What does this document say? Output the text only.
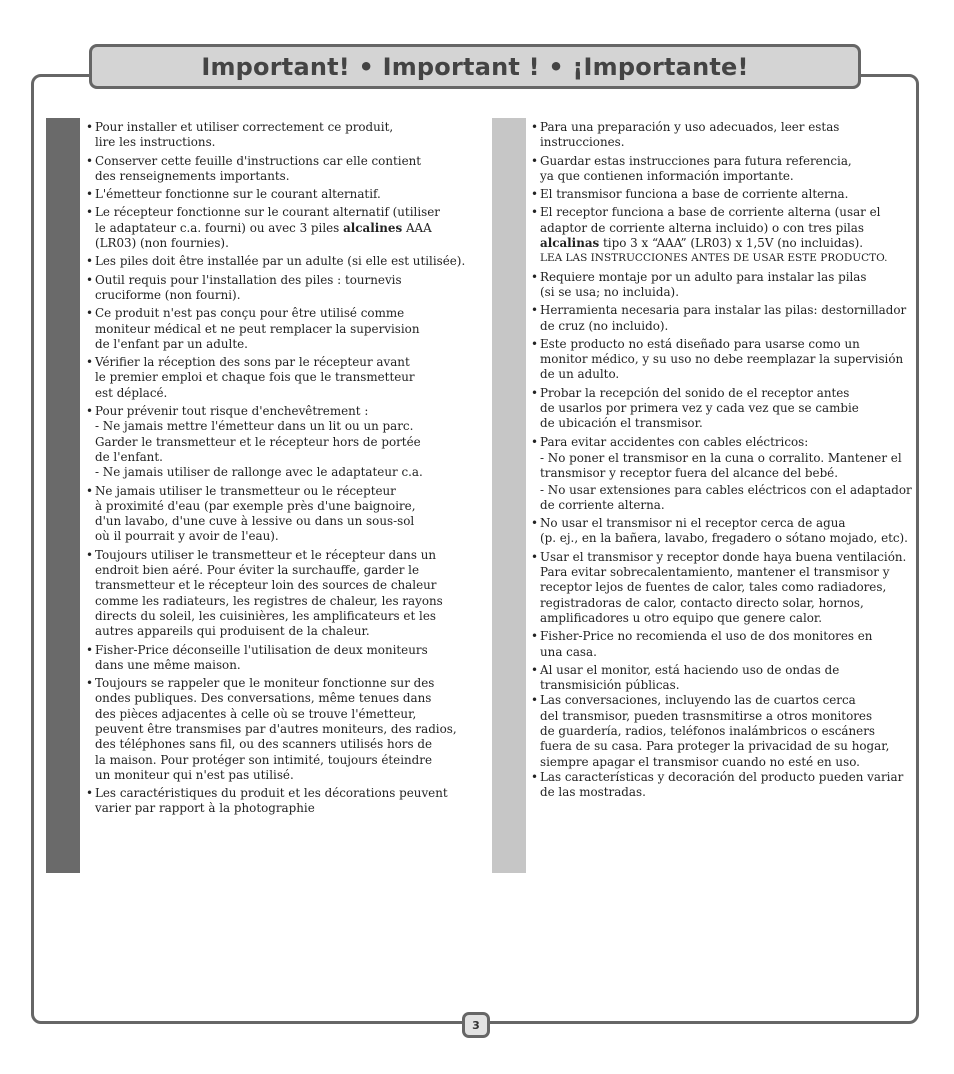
Important! • Important ! • ¡Importante!
• Pour installer et utiliser correctement ce produit,
lire les instructions.
• Conserver cette feuille d'instructions car elle contient
des renseignements importants.
• L'émetteur fonctionne sur le courant alternatif.
• Le récepteur fonctionne sur le courant alternatif (utiliser
le adaptateur c.a. fourni) ou avec 3 piles alcalines AAA
(LR03) (non fournies).
• Les piles doit être installée par un adulte (si elle est utilisée).
• Outil requis pour l'installation des piles : tournevis
cruciforme (non fourni).
• Ce produit n'est pas conçu pour être utilisé comme
moniteur médical et ne peut remplacer la supervision
de l'enfant par un adulte.
• Vérifier la réception des sons par le récepteur avant
le premier emploi et chaque fois que le transmetteur
est déplacé.
• Pour prévenir tout risque d'enchevêtrement :
- Ne jamais mettre l'émetteur dans un lit ou un parc.
Garder le transmetteur et le récepteur hors de portée
de l'enfant.
- Ne jamais utiliser de rallonge avec le adaptateur c.a.
• Ne jamais utiliser le transmetteur ou le récepteur
à proximité d'eau (par exemple près d'une baignoire,
d'un lavabo, d'une cuve à lessive ou dans un sous-sol
où il pourrait y avoir de l'eau).
• Toujours utiliser le transmetteur et le récepteur dans un
endroit bien aéré. Pour éviter la surchauffe, garder le
transmetteur et le récepteur loin des sources de chaleur
comme les radiateurs, les registres de chaleur, les rayons
directs du soleil, les cuisinières, les amplificateurs et les
autres appareils qui produisent de la chaleur.
• Fisher-Price déconseille l'utilisation de deux moniteurs
dans une même maison.
• Toujours se rappeler que le moniteur fonctionne sur des
ondes publiques. Des conversations, même tenues dans
des pièces adjacentes à celle où se trouve l'émetteur,
peuvent être transmises par d'autres moniteurs, des radios,
des téléphones sans fil, ou des scanners utilisés hors de
la maison. Pour protéger son intimité, toujours éteindre
un moniteur qui n'est pas utilisé.
• Les caractéristiques du produit et les décorations peuvent
varier par rapport à la photographie
• Para una preparación y uso adecuados, leer estas
instrucciones.
• Guardar estas instrucciones para futura referencia,
ya que contienen información importante.
• El transmisor funciona a base de corriente alterna.
• El receptor funciona a base de corriente alterna (usar el
adaptor de corriente alterna incluido) o con tres pilas
alcalinas tipo 3 x “AAA” (LR03) x 1,5V (no incluidas).
LEA LAS INSTRUCCIONES ANTES DE USAR ESTE PRODUCTO.
• Requiere montaje por un adulto para instalar las pilas
(si se usa; no incluida).
• Herramienta necesaria para instalar las pilas: destornillador
de cruz (no incluido).
• Este producto no está diseñado para usarse como un
monitor médico, y su uso no debe reemplazar la supervisión
de un adulto.
• Probar la recepción del sonido de el receptor antes
de usarlos por primera vez y cada vez que se cambie
de ubicación el transmisor.
• Para evitar accidentes con cables eléctricos:
- No poner el transmisor en la cuna o corralito. Mantener el
transmisor y receptor fuera del alcance del bebé.
- No usar extensiones para cables eléctricos con el adaptador
de corriente alterna.
• No usar el transmisor ni el receptor cerca de agua
(p. ej., en la bañera, lavabo, fregadero o sótano mojado, etc).
• Usar el transmisor y receptor donde haya buena ventilación.
Para evitar sobrecalentamiento, mantener el transmisor y
receptor lejos de fuentes de calor, tales como radiadores,
registradoras de calor, contacto directo solar, hornos,
amplificadores u otro equipo que genere calor.
• Fisher-Price no recomienda el uso de dos monitores en
una casa.
• Al usar el monitor, está haciendo uso de ondas de
transmisición públicas.
• Las conversaciones, incluyendo las de cuartos cerca
del transmisor, pueden trasnsmitirse a otros monitores
de guardería, radios, teléfonos inalámbricos o escáners
fuera de su casa. Para proteger la privacidad de su hogar,
siempre apagar el transmisor cuando no esté en uso.
• Las características y decoración del producto pueden variar
de las mostradas.
3
